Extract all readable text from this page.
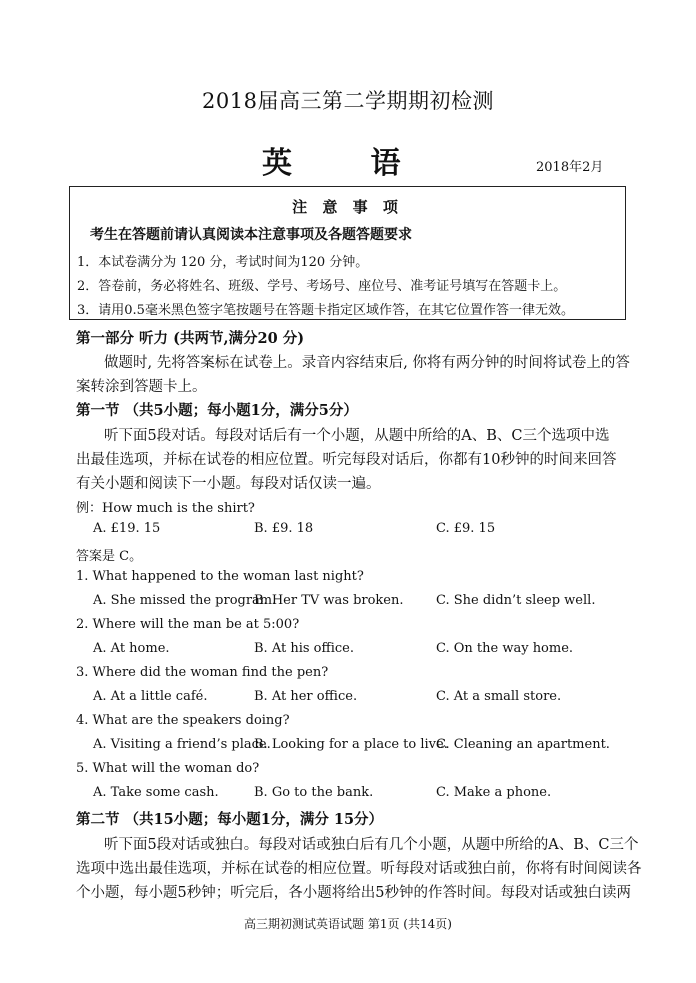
2018届高三第二学期期初检测
英 语	2018年2月
注 意 事 项
考生在答题前请认真阅读本注意事项及各题答题要求
1．本试卷满分为 120 分，考试时间为120 分钟。
2．答卷前，务必将姓名、班级、学号、考场号、座位号、准考证号填写在答题卡上。
3．请用0.5毫米黑色签字笔按题号在答题卡指定区域作答，在其它位置作答一律无效。
第一部分 听力 (共两节,满分20 分)
做题时, 先将答案标在试卷上。录音内容结束后, 你将有两分钟的时间将试卷上的答
案转涂到答题卡上。
第一节 （共5小题；每小题1分，满分5分）
听下面5段对话。每段对话后有一个小题，从题中所给的A、B、C三个选项中选
出最佳选项，并标在试卷的相应位置。听完每段对话后，你都有10秒钟的时间来回答
有关小题和阅读下一小题。每段对话仅读一遍。
例：How much is the shirt?
A. £19. 15	B. £9. 18	C. £9. 15
答案是 C。
1. What happened to the woman last night?
A. She missed the program.
B. Her TV was broken. C. She didn’t sleep well.
2. Where will the man be at 5:00?
A. At home.	B. At his office.	C. On the way home.
3. Where did the woman find the pen?
A. At a little café.	B. At her office.	C. At a small store.
4. What are the speakers doing?
A. Visiting a friend’s place.
B. Looking for a place to live.
C. Cleaning an apartment.
5. What will the woman do?
A. Take some cash.	B. Go to the bank.	C. Make a phone.
第二节 （共15小题；每小题1分，满分 15分）
听下面5段对话或独白。每段对话或独白后有几个小题，从题中所给的A、B、C三个
选项中选出最佳选项，并标在试卷的相应位置。听每段对话或独白前，你将有时间阅读各
个小题，每小题5秒钟；听完后，各小题将给出5秒钟的作答时间。每段对话或独白读两
高三期初测试英语试题 第1页 (共14页)
